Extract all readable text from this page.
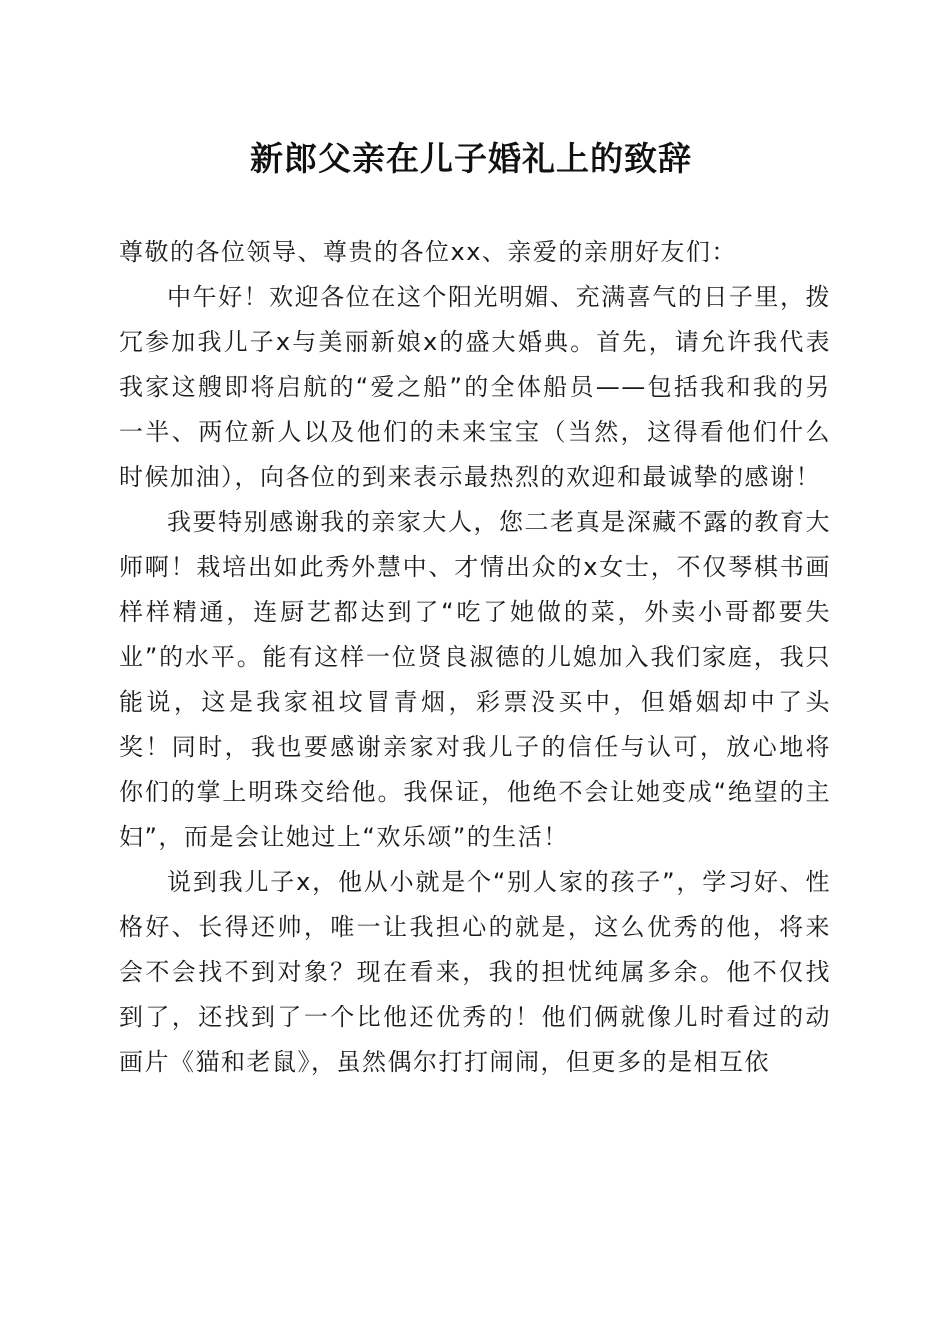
新郎父亲在儿子婚礼上的致辞

尊敬的各位领导、尊贵的各位xx、亲爱的亲朋好友们：

中午好！欢迎各位在这个阳光明媚、充满喜气的日子里，拨冗参加我儿子x与美丽新娘x的盛大婚典。首先，请允许我代表我家这艘即将启航的“爱之船”的全体船员——包括我和我的另一半、两位新人以及他们的未来宝宝（当然，这得看他们什么时候加油），向各位的到来表示最热烈的欢迎和最诚挚的感谢！

我要特别感谢我的亲家大人，您二老真是深藏不露的教育大师啊！栽培出如此秀外慧中、才情出众的x女士，不仅琴棋书画样样精通，连厨艺都达到了“吃了她做的菜，外卖小哥都要失业”的水平。能有这样一位贤良淑德的儿媳加入我们家庭，我只能说，这是我家祖坟冒青烟，彩票没买中，但婚姻却中了头奖！同时，我也要感谢亲家对我儿子的信任与认可，放心地将你们的掌上明珠交给他。我保证，他绝不会让她变成“绝望的主妇”，而是会让她过上“欢乐颂”的生活！

说到我儿子x，他从小就是个“别人家的孩子”，学习好、性格好、长得还帅，唯一让我担心的就是，这么优秀的他，将来会不会找不到对象？现在看来，我的担忧纯属多余。他不仅找到了，还找到了一个比他还优秀的！他们俩就像儿时看过的动画片《猫和老鼠》，虽然偶尔打打闹闹，但更多的是相互依
